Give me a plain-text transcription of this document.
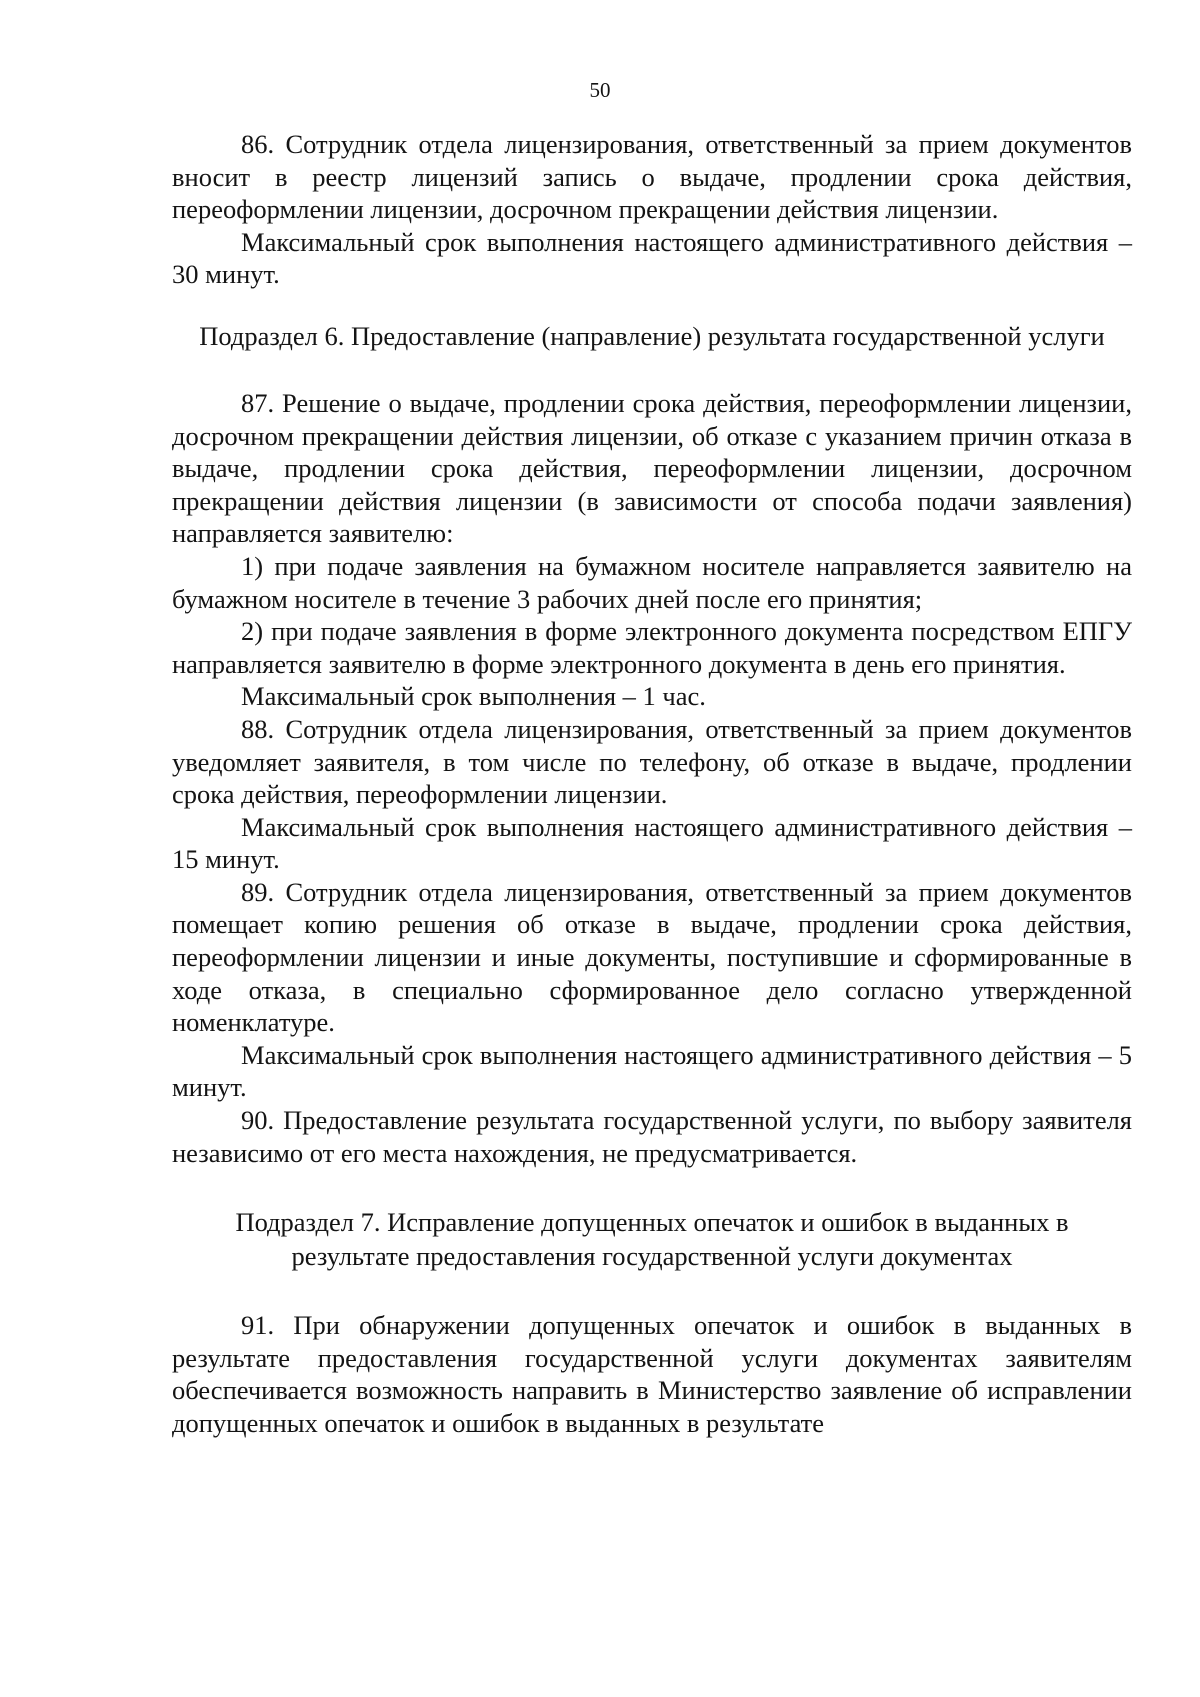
50

86. Сотрудник отдела лицензирования, ответственный за прием документов вносит в реестр лицензий запись о выдаче, продлении срока действия, переоформлении лицензии, досрочном прекращении действия лицензии.

Максимальный срок выполнения настоящего административного действия – 30 минут.

Подраздел 6. Предоставление (направление) результата государственной услуги

87. Решение о выдаче, продлении срока действия, переоформлении лицензии, досрочном прекращении действия лицензии, об отказе с указанием причин отказа в выдаче, продлении срока действия, переоформлении лицензии, досрочном прекращении действия лицензии (в зависимости от способа подачи заявления) направляется заявителю:

1) при подаче заявления на бумажном носителе направляется заявителю на бумажном носителе в течение 3 рабочих дней после его принятия;

2) при подаче заявления в форме электронного документа посредством ЕПГУ направляется заявителю в форме электронного документа в день его принятия.

Максимальный срок выполнения – 1 час.

88. Сотрудник отдела лицензирования, ответственный за прием документов уведомляет заявителя, в том числе по телефону, об отказе в выдаче, продлении срока действия, переоформлении лицензии.

Максимальный срок выполнения настоящего административного действия – 15 минут.

89. Сотрудник отдела лицензирования, ответственный за прием документов помещает копию решения об отказе в выдаче, продлении срока действия, переоформлении лицензии и иные документы, поступившие и сформированные в ходе отказа, в специально сформированное дело согласно утвержденной номенклатуре.

Максимальный срок выполнения настоящего административного действия – 5 минут.

90. Предоставление результата государственной услуги, по выбору заявителя независимо от его места нахождения, не предусматривается.

Подраздел 7. Исправление допущенных опечаток и ошибок в выданных в результате предоставления государственной услуги документах

91. При обнаружении допущенных опечаток и ошибок в выданных в результате предоставления государственной услуги документах заявителям обеспечивается возможность направить в Министерство заявление об исправлении допущенных опечаток и ошибок в выданных в результате
